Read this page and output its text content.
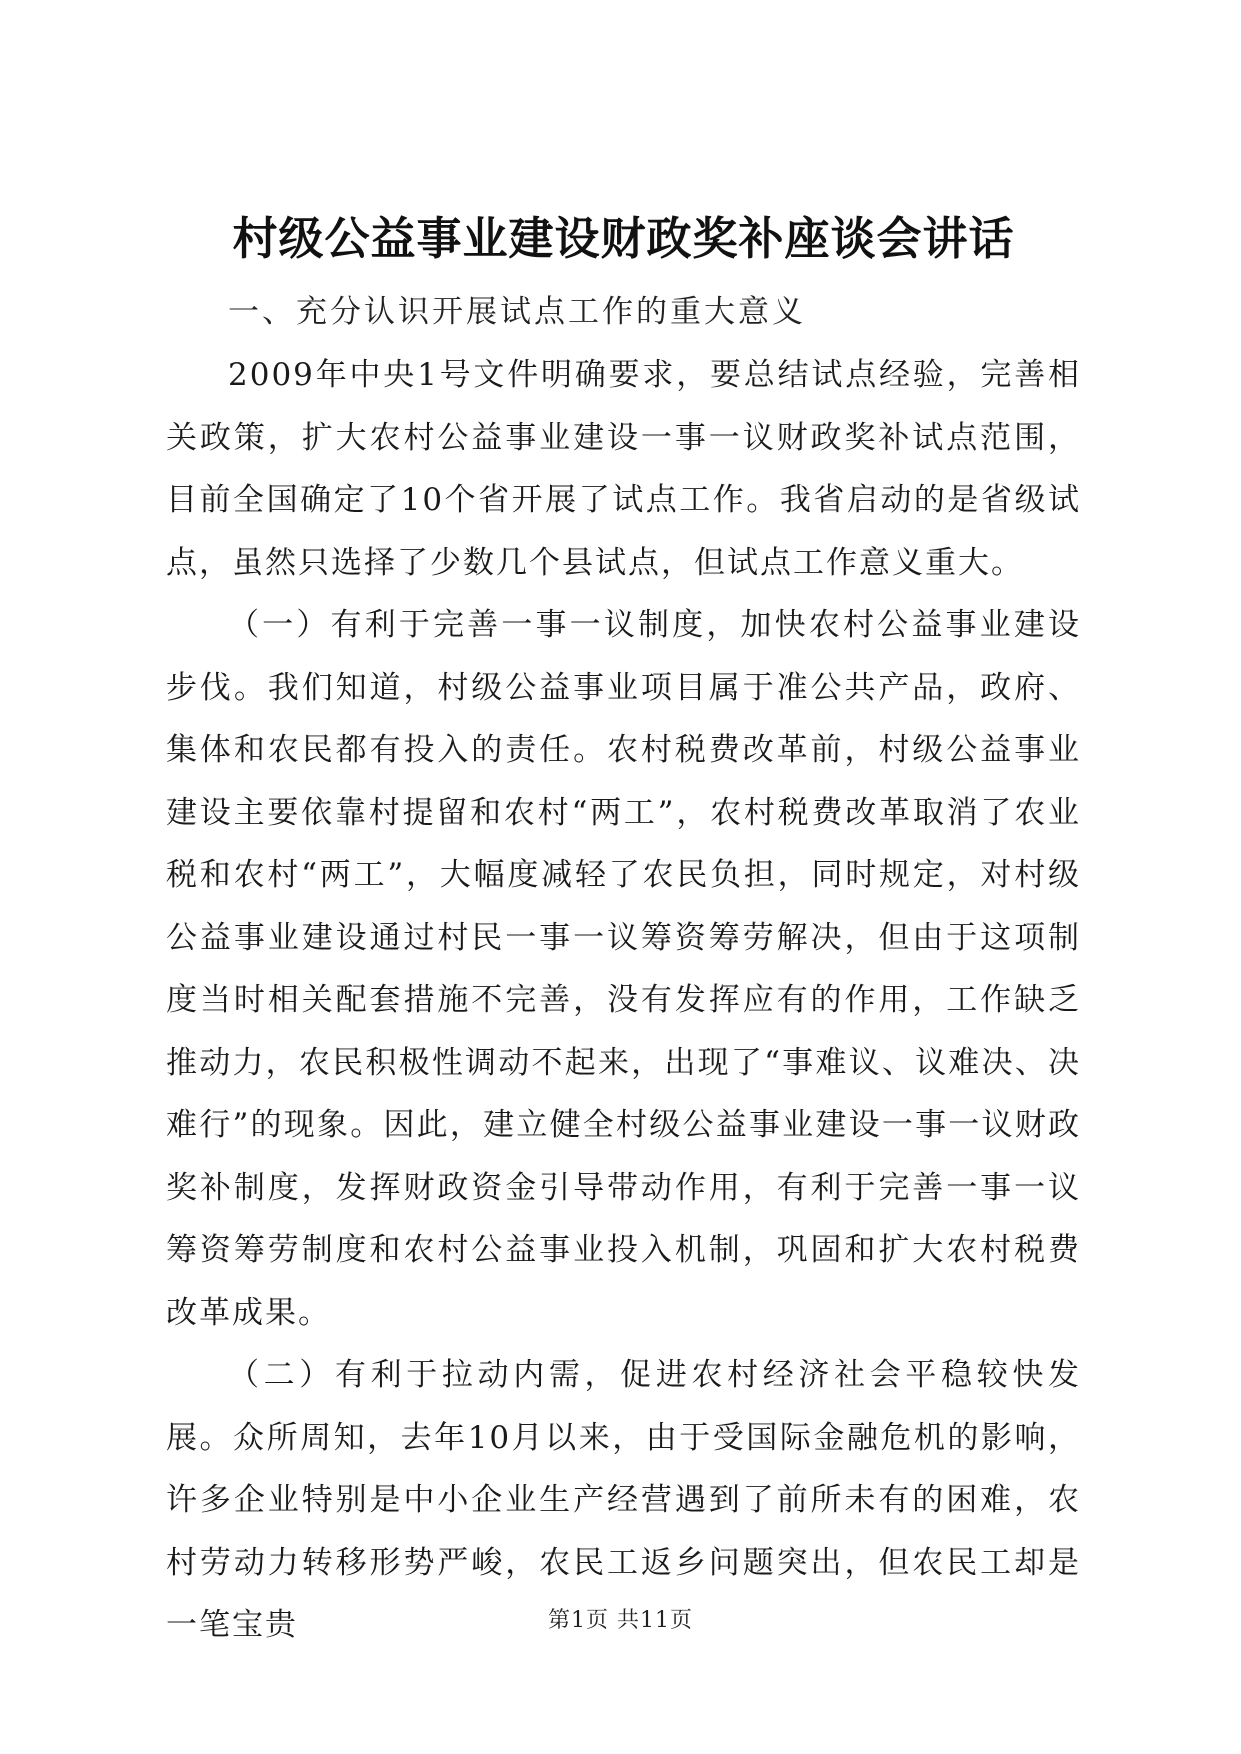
村级公益事业建设财政奖补座谈会讲话

一、充分认识开展试点工作的重大意义

2009年中央1号文件明确要求，要总结试点经验，完善相关政策，扩大农村公益事业建设一事一议财政奖补试点范围，目前全国确定了10个省开展了试点工作。我省启动的是省级试点，虽然只选择了少数几个县试点，但试点工作意义重大。

（一）有利于完善一事一议制度，加快农村公益事业建设步伐。我们知道，村级公益事业项目属于准公共产品，政府、集体和农民都有投入的责任。农村税费改革前，村级公益事业建设主要依靠村提留和农村“两工”，农村税费改革取消了农业税和农村“两工”，大幅度减轻了农民负担，同时规定，对村级公益事业建设通过村民一事一议筹资筹劳解决，但由于这项制度当时相关配套措施不完善，没有发挥应有的作用，工作缺乏推动力，农民积极性调动不起来，出现了“事难议、议难决、决难行”的现象。因此，建立健全村级公益事业建设一事一议财政奖补制度，发挥财政资金引导带动作用，有利于完善一事一议筹资筹劳制度和农村公益事业投入机制，巩固和扩大农村税费改革成果。

（二）有利于拉动内需，促进农村经济社会平稳较快发展。众所周知，去年10月以来，由于受国际金融危机的影响，许多企业特别是中小企业生产经营遇到了前所未有的困难，农村劳动力转移形势严峻，农民工返乡问题突出，但农民工却是一笔宝贵	第1页 共11页
